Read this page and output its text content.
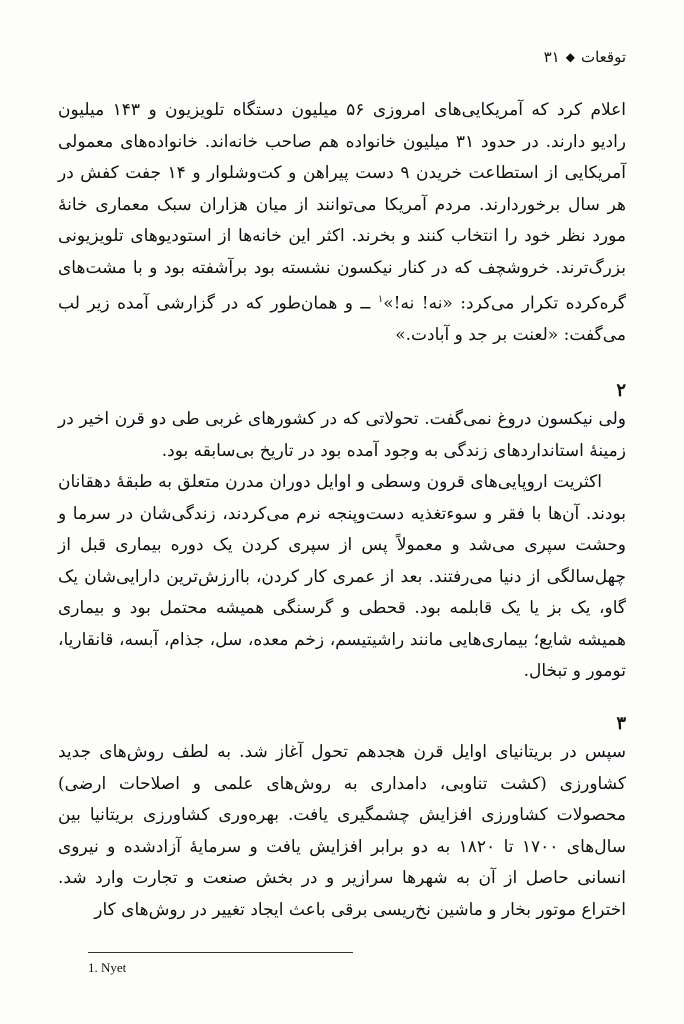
توقعات
◆
۳۱

اعلام کرد که آمریکایی‌های امروزی ۵۶ میلیون دستگاه تلویزیون و ۱۴۳ میلیون رادیو دارند. در حدود ۳۱ میلیون خانواده هم صاحب خانه‌اند. خانواده‌های معمولی آمریکایی از استطاعت خریدن ۹ دست پیراهن و کت‌وشلوار و ۱۴ جفت کفش در هر سال برخوردارند. مردم آمریکا می‌توانند از میان هزاران سبک معماری خانهٔ مورد نظر خود را انتخاب کنند و بخرند. اکثر این خانه‌ها از استودیوهای تلویزیونی بزرگ‌ترند. خروشچف که در کنار نیکسون نشسته بود برآشفته بود و با مشت‌های گره‌کرده تکرار می‌کرد: «نه! نه!»$^۱$ ــ و همان‌طور که در گزارشی آمده زیر لب می‌گفت: «لعنت بر جد و آبادت.»

۲

ولی نیکسون دروغ نمی‌گفت. تحولاتی که در کشورهای غربی طی دو قرن اخیر در زمینهٔ استانداردهای زندگی به وجود آمده بود در تاریخ بی‌سابقه بود.

اکثریت اروپایی‌های قرون وسطی و اوایل دوران مدرن متعلق به طبقهٔ دهقانان بودند. آن‌ها با فقر و سوءتغذیه دست‌وپنجه نرم می‌کردند، زندگی‌شان در سرما و وحشت سپری می‌شد و معمولاً پس از سپری کردن یک دوره بیماری قبل از چهل‌سالگی از دنیا می‌رفتند. بعد از عمری کار کردن، باارزش‌ترین دارایی‌شان یک گاو، یک بز یا یک قابلمه بود. قحطی و گرسنگی همیشه محتمل بود و بیماری همیشه شایع؛ بیماری‌هایی مانند راشیتیسم، زخم معده، سل، جذام، آبسه، قانقاریا، تومور و تبخال.

۳

سپس در بریتانیای اوایل قرن هجدهم تحول آغاز شد. به لطف روش‌های جدید کشاورزی (کشت تناوبی، دامداری به روش‌های علمی و اصلاحات ارضی) محصولات کشاورزی افزایش چشمگیری یافت. بهره‌وری کشاورزی بریتانیا بین سال‌های ۱۷۰۰ تا ۱۸۲۰ به دو برابر افزایش یافت و سرمایهٔ آزادشده و نیروی انسانی حاصل از آن به شهرها سرازیر و در بخش صنعت و تجارت وارد شد. اختراع موتور بخار و ماشین نخ‌ریسی برقی باعث ایجاد تغییر در روش‌های کار

1. Nyet
